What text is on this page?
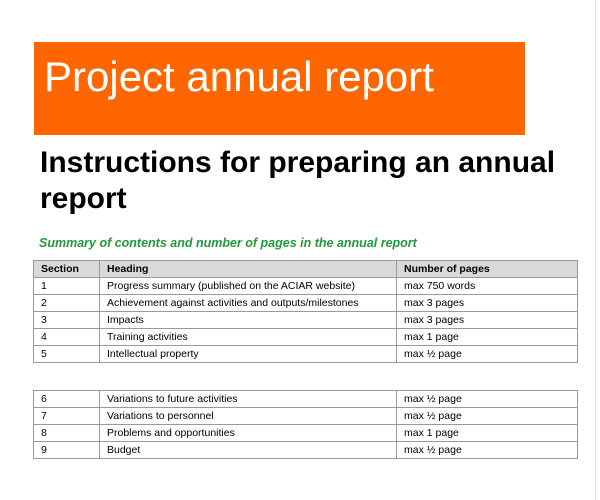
Project annual report
Instructions for preparing an annual report
Summary of contents and number of pages in the annual report
Section	Heading	Number of pages
1	Progress summary (published on the ACIAR website)	max 750 words
2	Achievement against activities and outputs/milestones	max 3 pages
3	Impacts	max 3 pages
4	Training activities	max 1 page
5	Intellectual property	max ½ page
6	Variations to future activities	max ½ page
7	Variations to personnel	max ½ page
8	Problems and opportunities	max 1 page
9	Budget	max ½ page
